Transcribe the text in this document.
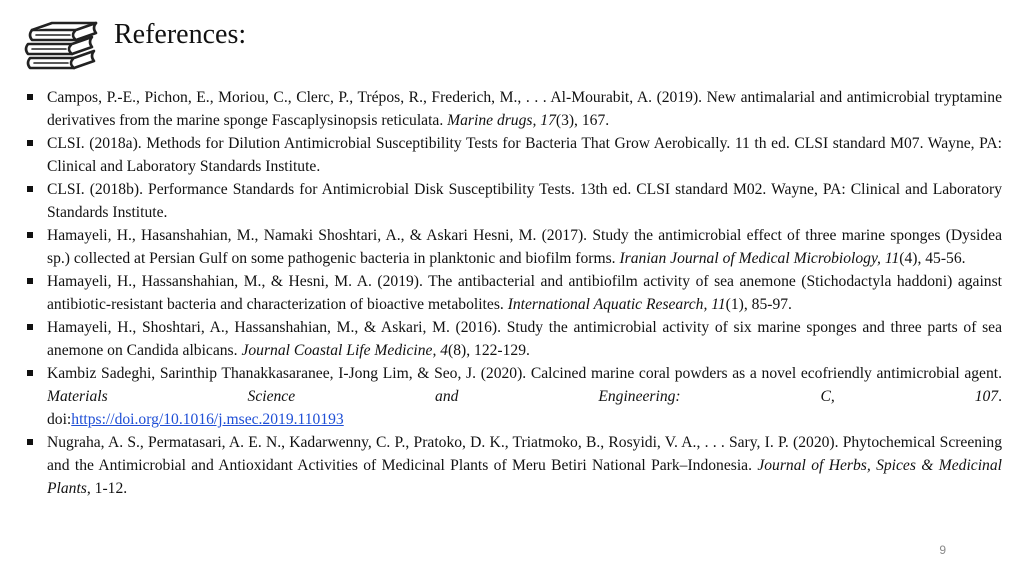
References:
Campos, P.-E., Pichon, E., Moriou, C., Clerc, P., Trépos, R., Frederich, M., . . . Al-Mourabit, A. (2019). New antimalarial and antimicrobial tryptamine derivatives from the marine sponge Fascaplysinopsis reticulata. Marine drugs, 17(3), 167.
CLSI. (2018a). Methods for Dilution Antimicrobial Susceptibility Tests for Bacteria That Grow Aerobically. 11 th ed. CLSI standard M07. Wayne, PA: Clinical and Laboratory Standards Institute.
CLSI. (2018b). Performance Standards for Antimicrobial Disk Susceptibility Tests. 13th ed. CLSI standard M02. Wayne, PA: Clinical and Laboratory Standards Institute.
Hamayeli, H., Hasanshahian, M., Namaki Shoshtari, A., & Askari Hesni, M. (2017). Study the antimicrobial effect of three marine sponges (Dysidea sp.) collected at Persian Gulf on some pathogenic bacteria in planktonic and biofilm forms. Iranian Journal of Medical Microbiology, 11(4), 45-56.
Hamayeli, H., Hassanshahian, M., & Hesni, M. A. (2019). The antibacterial and antibiofilm activity of sea anemone (Stichodactyla haddoni) against antibiotic-resistant bacteria and characterization of bioactive metabolites. International Aquatic Research, 11(1), 85-97.
Hamayeli, H., Shoshtari, A., Hassanshahian, M., & Askari, M. (2016). Study the antimicrobial activity of six marine sponges and three parts of sea anemone on Candida albicans. Journal Coastal Life Medicine, 4(8), 122-129.
Kambiz Sadeghi, Sarinthip Thanakkasaranee, I-Jong Lim, & Seo, J. (2020). Calcined marine coral powders as a novel ecofriendly antimicrobial agent. Materials Science and Engineering: C, 107.
doi:https://doi.org/10.1016/j.msec.2019.110193
Nugraha, A. S., Permatasari, A. E. N., Kadarwenny, C. P., Pratoko, D. K., Triatmoko, B., Rosyidi, V. A., . . . Sary, I. P. (2020). Phytochemical Screening and the Antimicrobial and Antioxidant Activities of Medicinal Plants of Meru Betiri National Park–Indonesia. Journal of Herbs, Spices & Medicinal Plants, 1-12.
9
